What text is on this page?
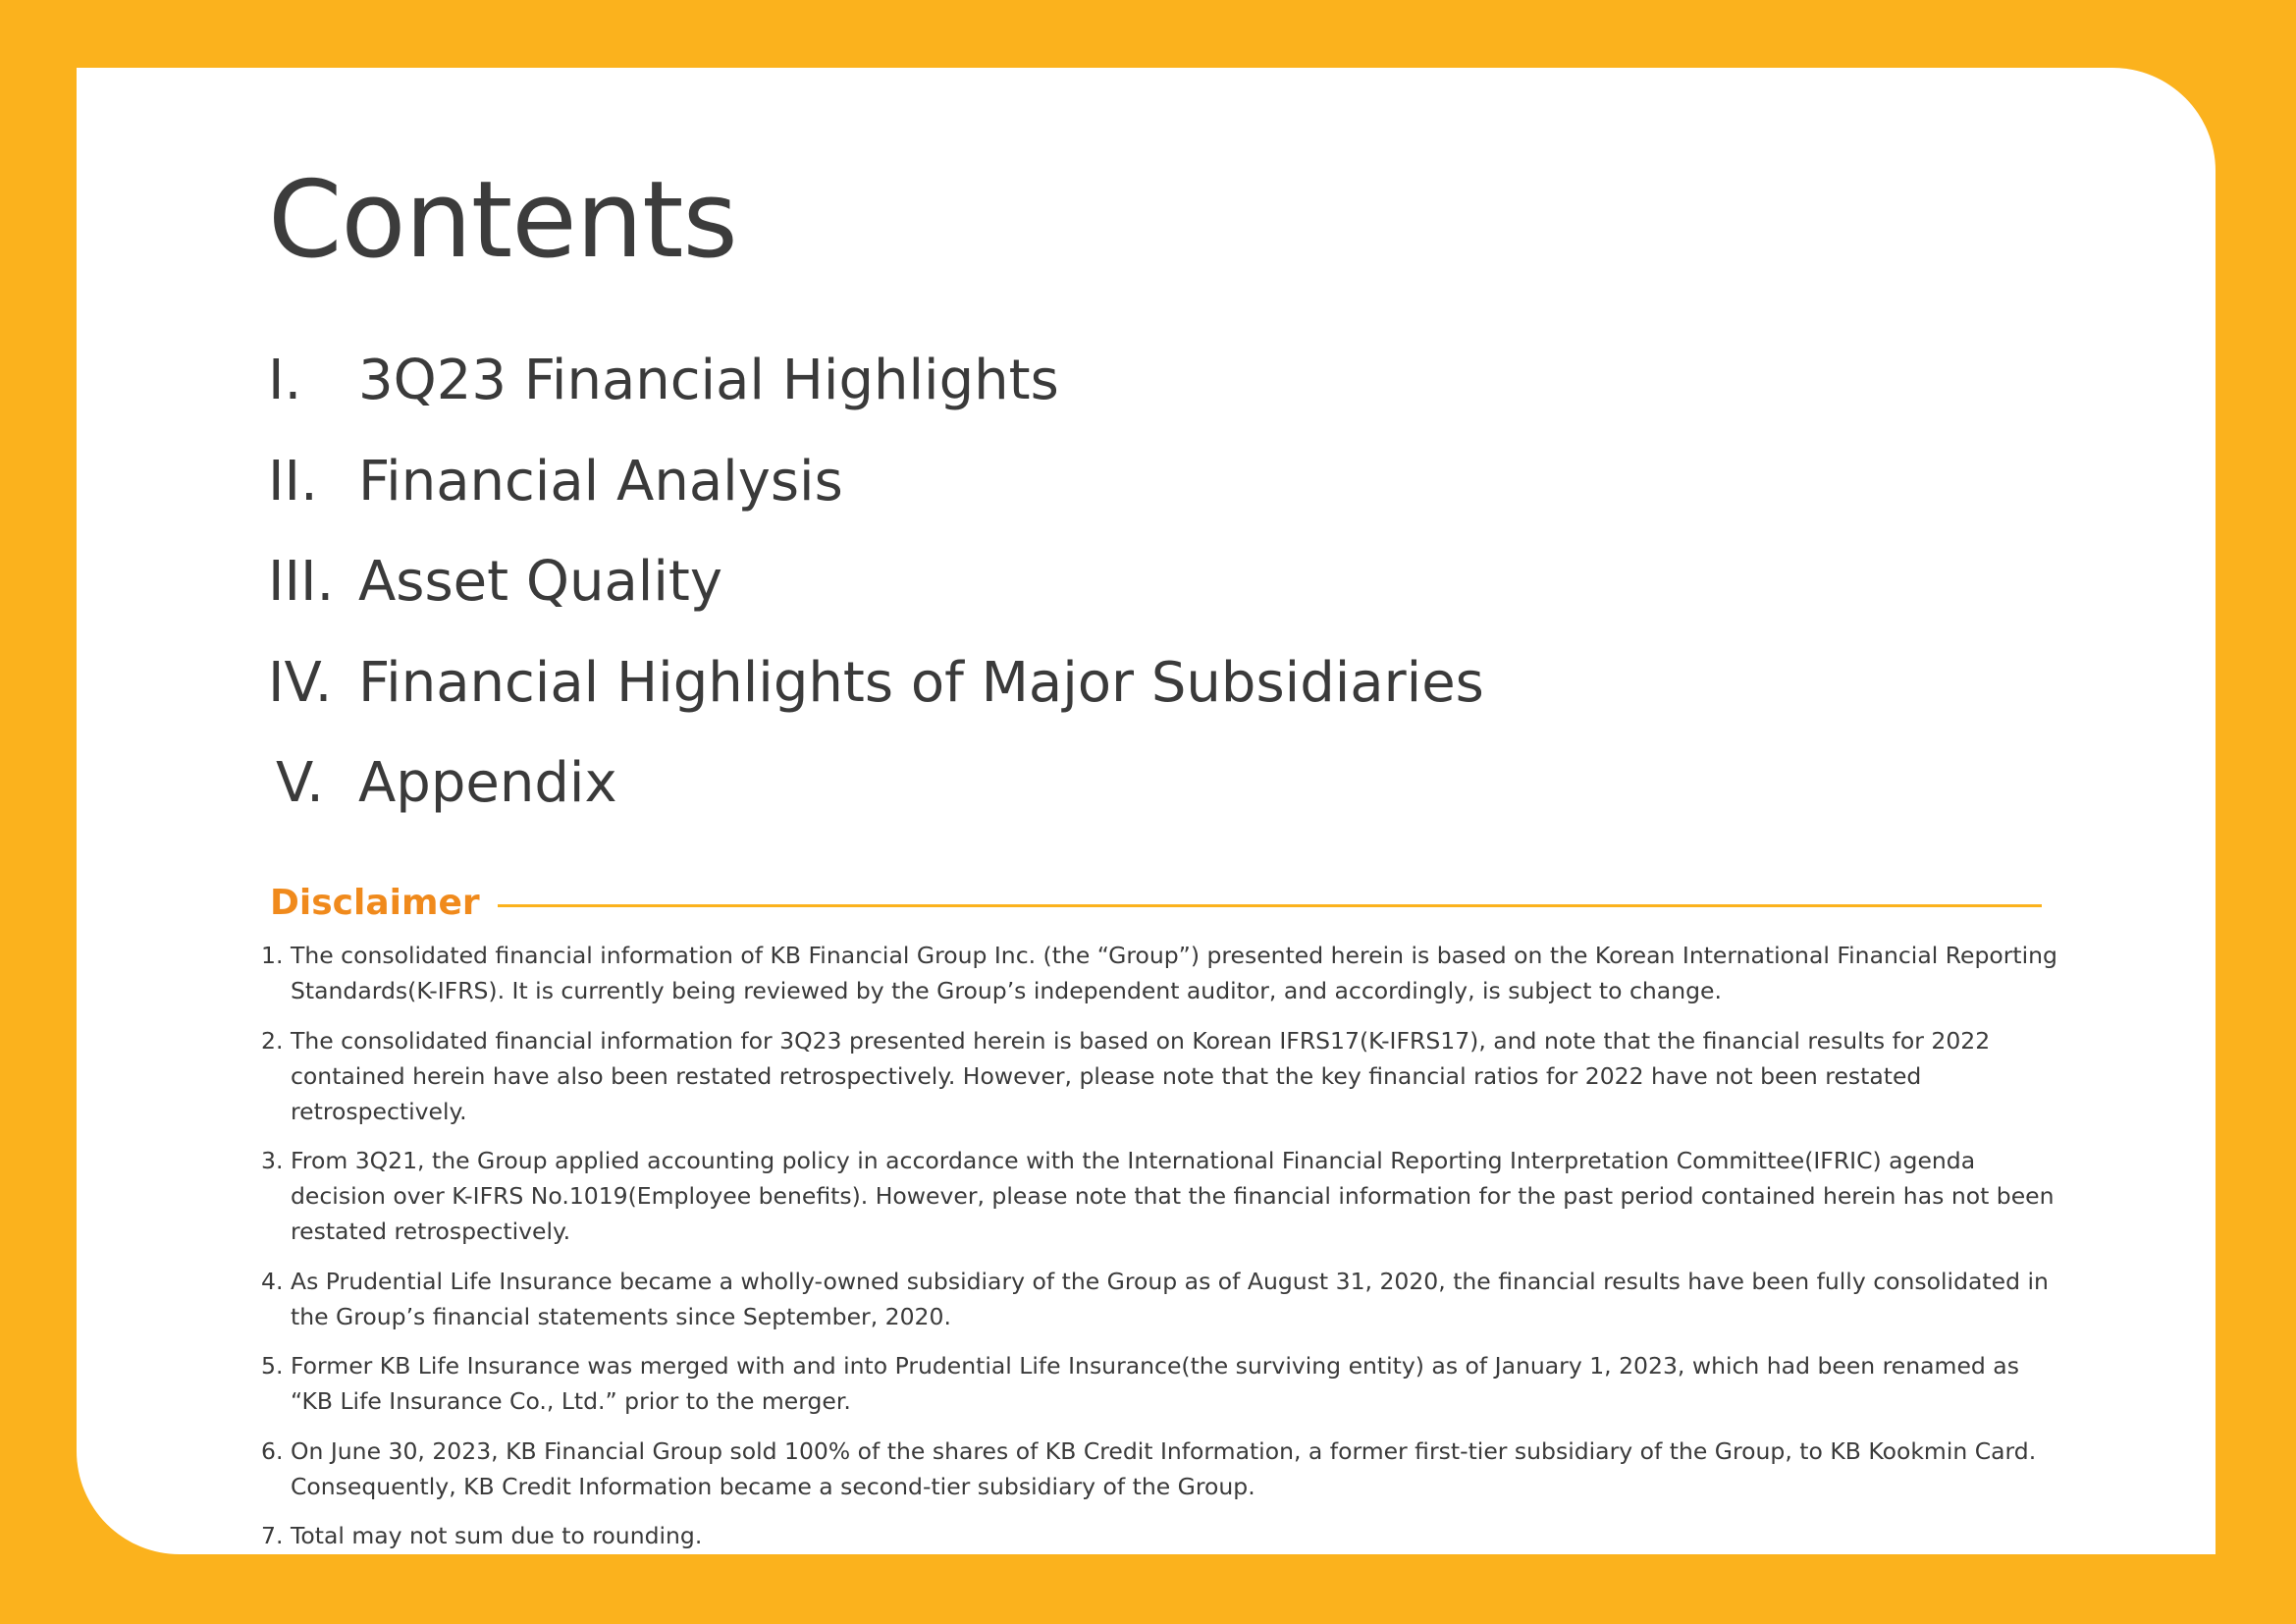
Contents
I.	3Q23 Financial Highlights
II. Financial Analysis
III. Asset Quality
IV. Financial Highlights of Major Subsidiaries
V. Appendix
Disclaimer
1. The consolidated financial information of KB Financial Group Inc. (the “Group”) presented herein is based on the Korean International Financial Reporting Standards(K-IFRS). It is currently being reviewed by the Group’s independent auditor, and accordingly, is subject to change.
2. The consolidated financial information for 3Q23 presented herein is based on Korean IFRS17(K-IFRS17), and note that the financial results for 2022 contained herein have also been restated retrospectively. However, please note that the key financial ratios for 2022 have not been restated retrospectively.
3. From 3Q21, the Group applied accounting policy in accordance with the International Financial Reporting Interpretation Committee(IFRIC) agenda decision over K-IFRS No.1019(Employee benefits). However, please note that the financial information for the past period contained herein has not been restated retrospectively.
4. As Prudential Life Insurance became a wholly-owned subsidiary of the Group as of August 31, 2020, the financial results have been fully consolidated in the Group’s financial statements since September, 2020.
5. Former KB Life Insurance was merged with and into Prudential Life Insurance(the surviving entity) as of January 1, 2023, which had been renamed as “KB Life Insurance Co., Ltd.” prior to the merger.
6. On June 30, 2023, KB Financial Group sold 100% of the shares of KB Credit Information, a former first-tier subsidiary of the Group, to KB Kookmin Card. Consequently, KB Credit Information became a second-tier subsidiary of the Group.
7. Total may not sum due to rounding.
